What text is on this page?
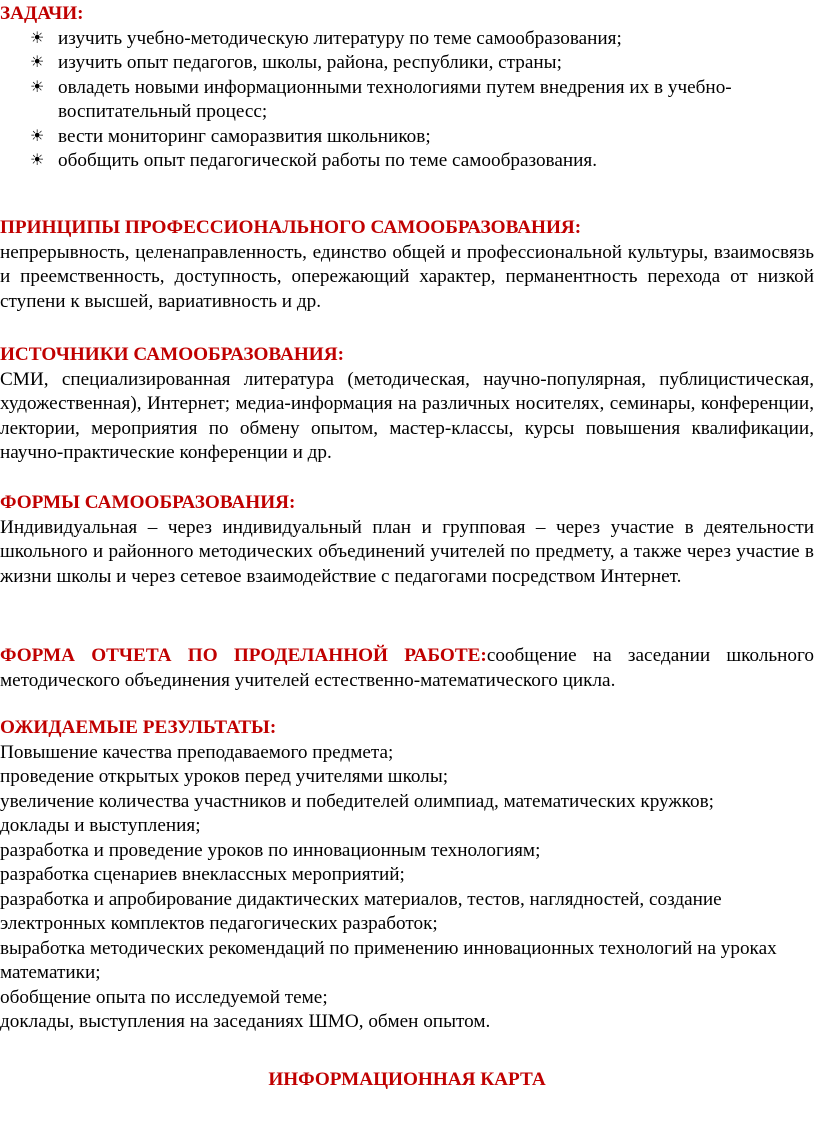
ЗАДАЧИ:
☀ изучить учебно-методическую литературу по теме самообразования;
☀ изучить опыт педагогов, школы, района, республики, страны;
☀ овладеть новыми информационными технологиями путем внедрения их в учебно-воспитательный процесс;
☀ вести мониторинг саморазвития школьников;
☀ обобщить опыт педагогической работы по теме самообразования.
ПРИНЦИПЫ ПРОФЕССИОНАЛЬНОГО САМООБРАЗОВАНИЯ:

непрерывность, целенаправленность, единство общей и профессиональной культуры, взаимосвязь и преемственность, доступность, опережающий характер, перманентность перехода от низкой ступени к высшей, вариативность и др.

ИСТОЧНИКИ САМООБРАЗОВАНИЯ:

СМИ, специализированная литература (методическая, научно-популярная, публицистическая, художественная), Интернет; медиа-информация на различных носителях, семинары, конференции, лектории, мероприятия по обмену опытом, мастер-классы, курсы повышения квалификации, научно-практические конференции и др.

ФОРМЫ САМООБРАЗОВАНИЯ:

Индивидуальная – через индивидуальный план и групповая – через участие в деятельности школьного и районного методических объединений учителей по предмету, а также через участие в жизни школы и через сетевое взаимодействие с педагогами посредством Интернет.

ФОРМА ОТЧЕТА ПО ПРОДЕЛАННОЙ РАБОТЕ:сообщение на заседании школьного методического объединения учителей естественно-математического цикла.

ОЖИДАЕМЫЕ РЕЗУЛЬТАТЫ:

Повышение качества преподаваемого предмета;

проведение открытых уроков перед учителями школы;

увеличение количества участников и победителей олимпиад, математических кружков;

доклады и выступления;

разработка и проведение уроков по инновационным технологиям;

разработка сценариев внеклассных мероприятий;

разработка и апробирование дидактических материалов, тестов, наглядностей, создание электронных комплектов педагогических разработок;

выработка методических рекомендаций по применению инновационных технологий на уроках математики;

обобщение опыта по исследуемой теме;

доклады, выступления на заседаниях ШМО, обмен опытом.

ИНФОРМАЦИОННАЯ КАРТА
